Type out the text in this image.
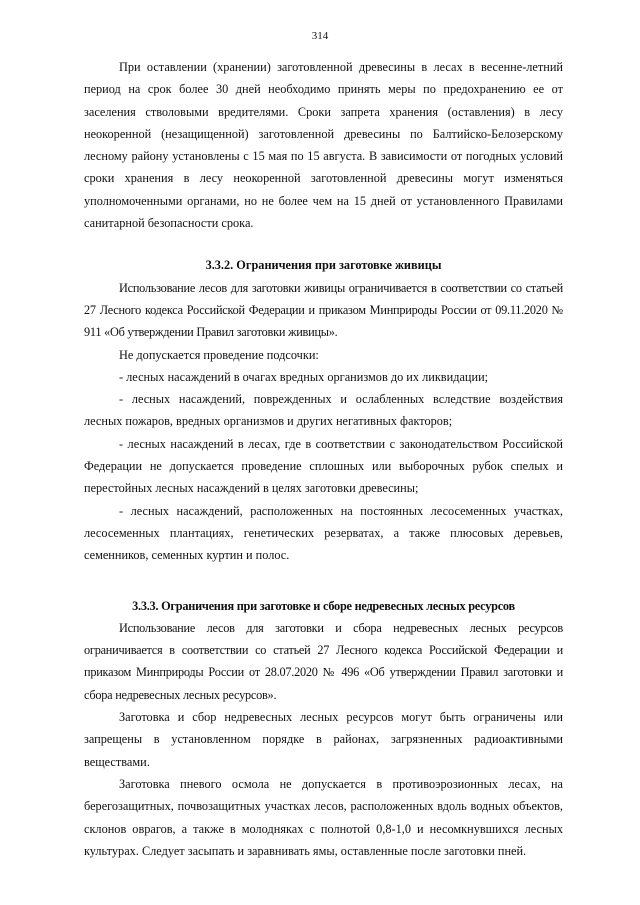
314

При оставлении (хранении) заготовленной древесины в лесах в весенне-летний период на срок более 30 дней необходимо принять меры по предохранению ее от заселения стволовыми вредителями. Сроки запрета хранения (оставления) в лесу неокоренной (незащищенной) заготовленной древесины по Балтийско-Белозерскому лесному району установлены с 15 мая по 15 августа. В зависимости от погодных условий сроки хранения в лесу неокоренной заготовленной древесины могут изменяться уполномоченными органами, но не более чем на 15 дней от установленного Правилами санитарной безопасности срока.

3.3.2. Ограничения при заготовке живицы

Использование лесов для заготовки живицы ограничивается в соответствии со статьей 27 Лесного кодекса Российской Федерации и приказом Минприроды России от 09.11.2020 № 911 «Об утверждении Правил заготовки живицы».

Не допускается проведение подсочки:

- лесных насаждений в очагах вредных организмов до их ликвидации;

- лесных насаждений, поврежденных и ослабленных вследствие воздействия лесных пожаров, вредных организмов и других негативных факторов;

- лесных насаждений в лесах, где в соответствии с законодательством Российской Федерации не допускается проведение сплошных или выборочных рубок спелых и перестойных лесных насаждений в целях заготовки древесины;

- лесных насаждений, расположенных на постоянных лесосеменных участках, лесосеменных плантациях, генетических резерватах, а также плюсовых деревьев, семенников, семенных куртин и полос.

3.3.3. Ограничения при заготовке и сборе недревесных лесных ресурсов

Использование лесов для заготовки и сбора недревесных лесных ресурсов ограничивается в соответствии со статьей 27 Лесного кодекса Российской Федерации и приказом Минприроды России от 28.07.2020 № 496 «Об утверждении Правил заготовки и сбора недревесных лесных ресурсов».

Заготовка и сбор недревесных лесных ресурсов могут быть ограничены или запрещены в установленном порядке в районах, загрязненных радиоактивными веществами.

Заготовка пневого осмола не допускается в противоэрозионных лесах, на берегозащитных, почвозащитных участках лесов, расположенных вдоль водных объектов, склонов оврагов, а также в молодняках с полнотой 0,8-1,0 и несомкнувшихся лесных культурах. Следует засыпать и заравнивать ямы, оставленные после заготовки пней.
